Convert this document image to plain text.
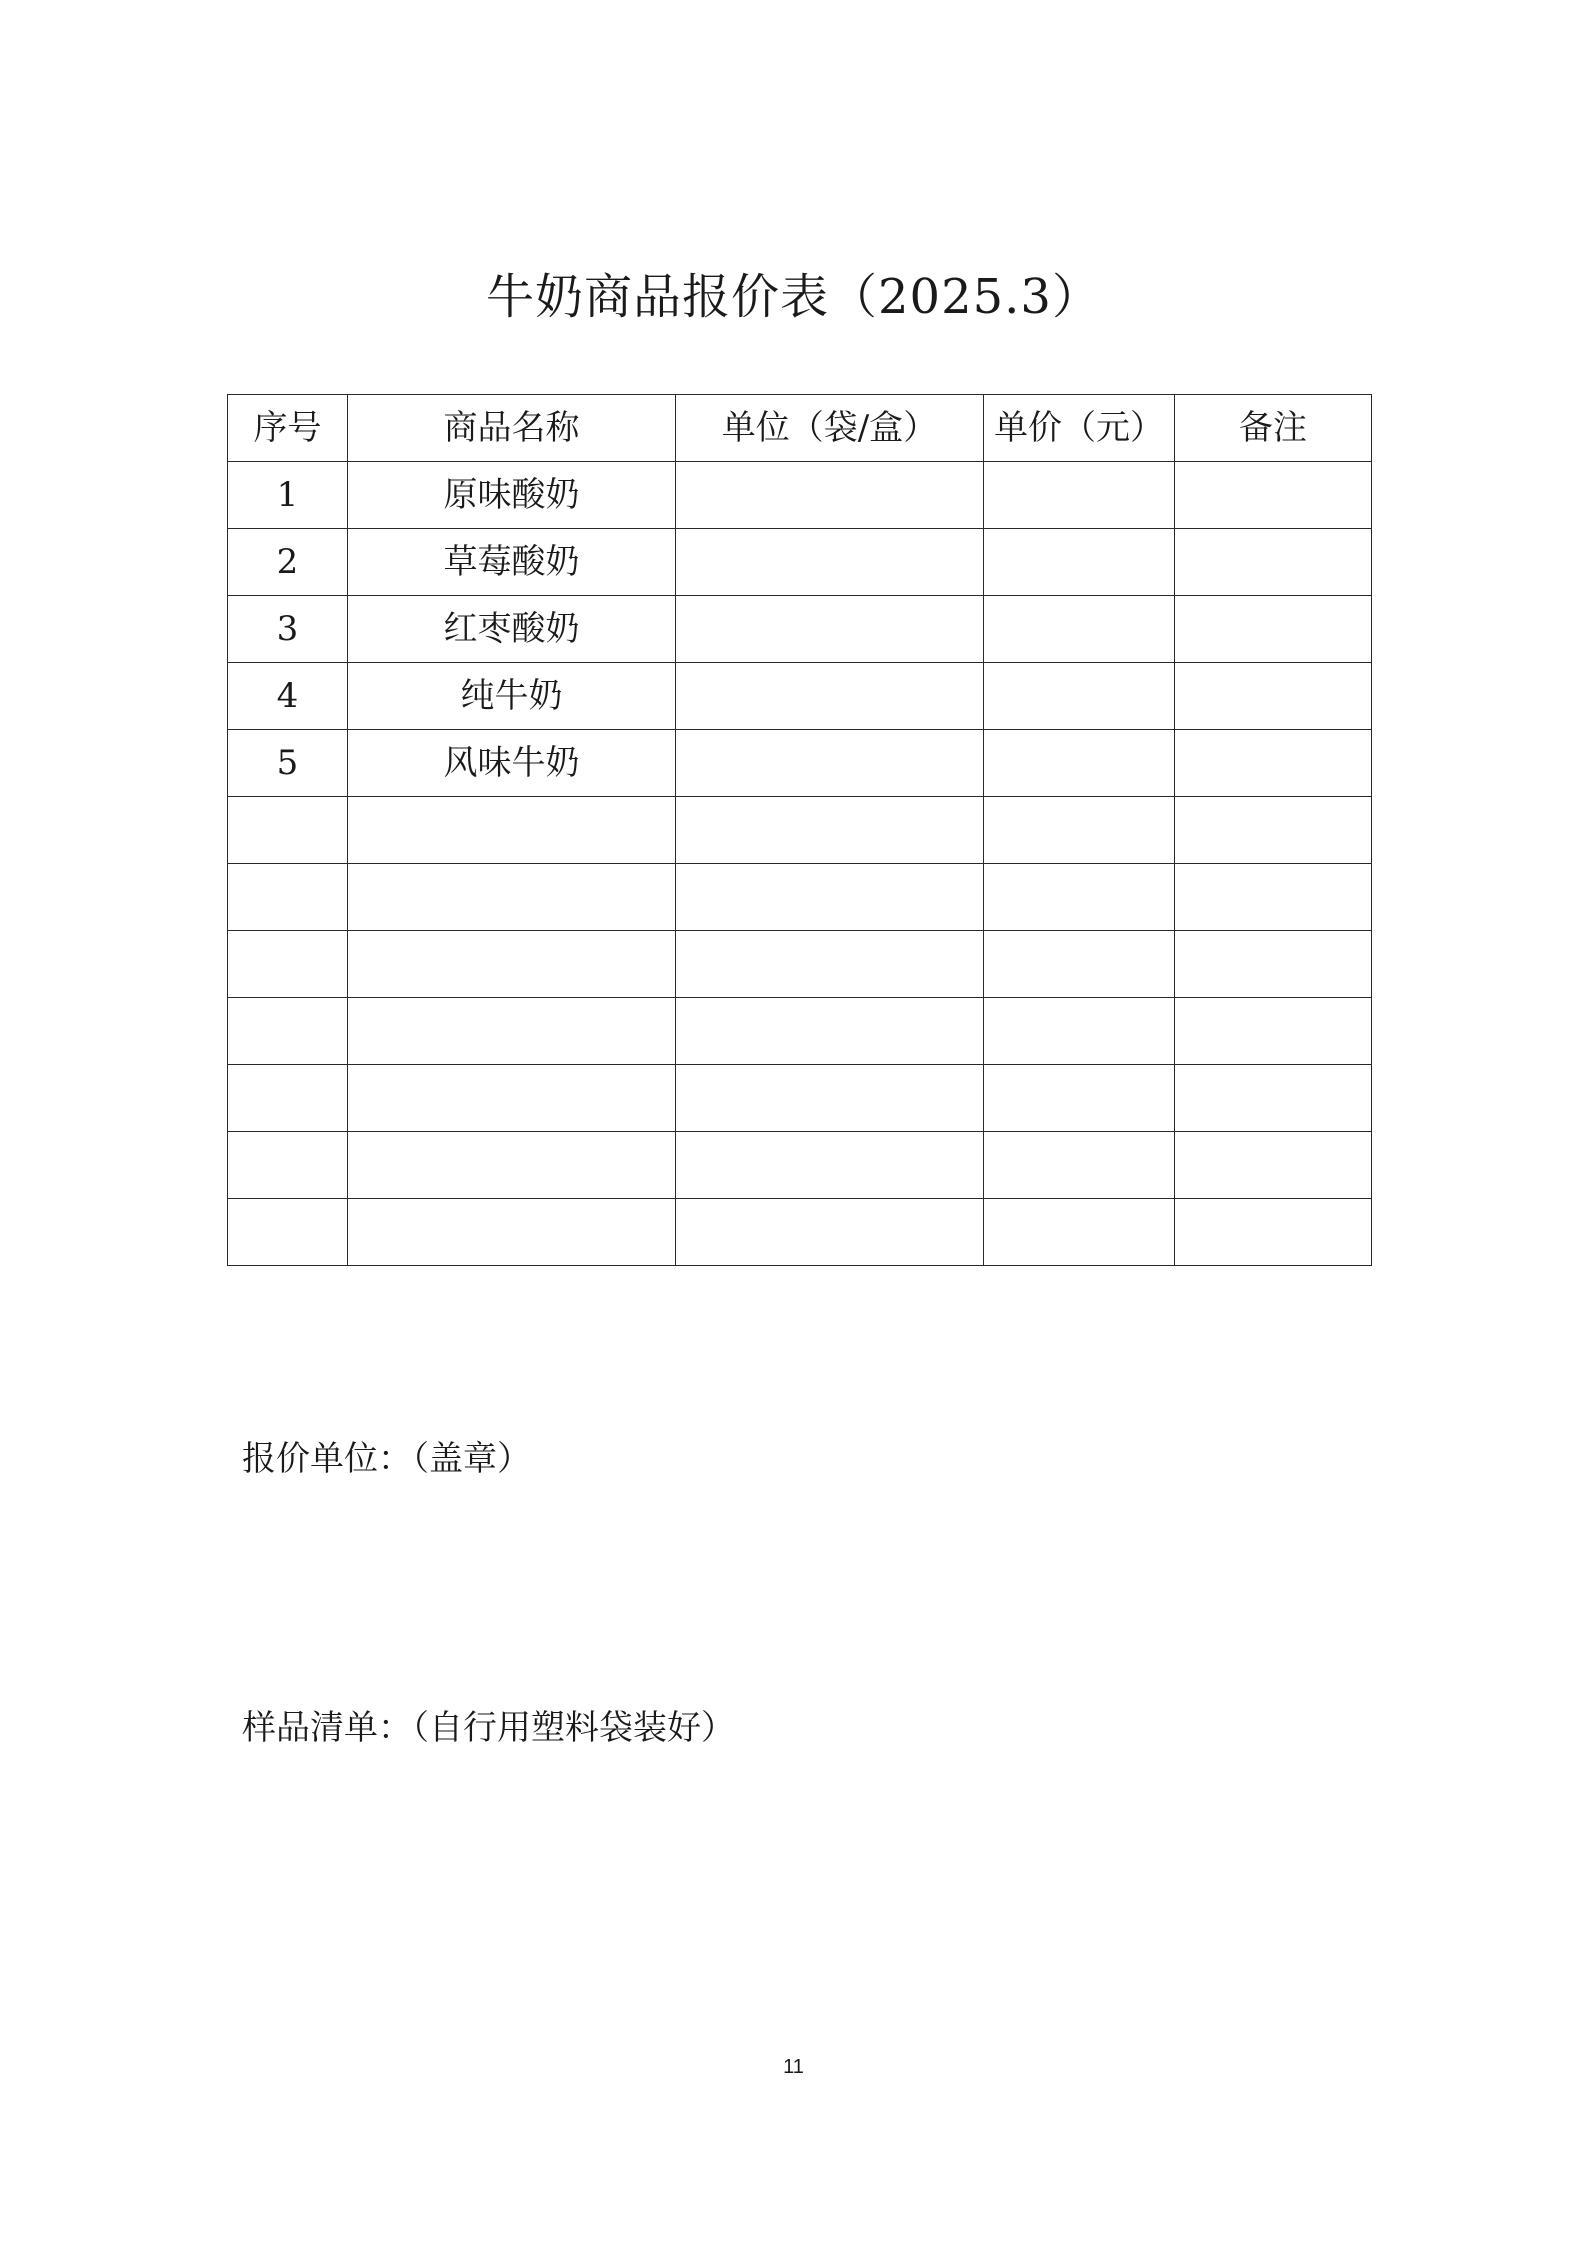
牛奶商品报价表（2025.3）
序号	商品名称	单位（袋/盒）	单价（元）	备注
1	原味酸奶			
2	草莓酸奶			
3	红枣酸奶			
4	纯牛奶			
5	风味牛奶			

报价单位：（盖章）
样品清单：（自行用塑料袋装好）
11
